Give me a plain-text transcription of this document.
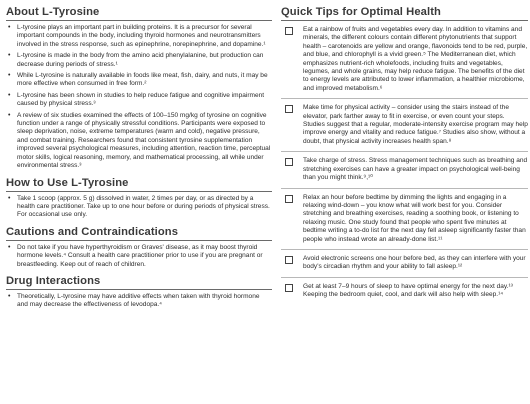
About L-Tyrosine
• L-tyrosine plays an important part in building proteins. It is a precursor for several important compounds in the body, including thyroid hormones and neurotransmitters involved in the stress response, such as epinephrine, norepinephrine, and dopamine.¹
• L-tyrosine is made in the body from the amino acid phenylalanine, but production can decrease during periods of stress.¹
• While L-tyrosine is naturally available in foods like meat, fish, dairy, and nuts, it may be more effective when consumed in free form.²
• L-tyrosine has been shown in studies to help reduce fatigue and cognitive impairment caused by physical stress.³
• A review of six studies examined the effects of 100–150 mg/kg of tyrosine on cognitive function under a range of physically stressful conditions. Participants were exposed to sleep deprivation, noise, extreme temperatures (warm and cold), negative pressure, and combat training. Researchers found that consistent tyrosine supplementation improved several psychological measures, including attention, reaction time, perceptual motor skills, logical reasoning, memory, and mathematical processing, all while under environmental stress.³
How to Use L-Tyrosine
• Take 1 scoop (approx. 5 g) dissolved in water, 2 times per day, or as directed by a health care practitioner. Take up to one hour before or during periods of physical stress. For occasional use only.
Cautions and Contraindications
• Do not take if you have hyperthyroidism or Graves' disease, as it may boost thyroid hormone levels.⁴ Consult a health care practitioner prior to use if you are pregnant or breastfeeding. Keep out of reach of children.
Drug Interactions
• Theoretically, L-tyrosine may have additive effects when taken with thyroid hormone and may decrease the effectiveness of levodopa.⁴
Quick Tips for Optimal Health
Eat a rainbow of fruits and vegetables every day. In addition to vitamins and minerals, the different colours contain different phytonutrients that support health – carotenoids are yellow and orange, flavonoids tend to be red, purple, and blue, and chlorophyll is a vivid green.⁵ The Mediterranean diet, which emphasizes nutrient-rich wholefoods, including fruits and vegetables, legumes, and whole grains, may help reduce fatigue. The benefits of the diet to energy levels are attributed to lower inflammation, a healthier microbiome, and improved metabolism.⁶
Make time for physical activity – consider using the stairs instead of the elevator, park farther away to fit in exercise, or even count your steps. Studies suggest that a regular, moderate-intensity exercise program may help improve energy and vitality and reduce fatigue.⁷ Studies also show, without a doubt, that physical activity increases health span.⁸
Take charge of stress. Stress management techniques such as breathing and stretching exercises can have a greater impact on psychological well-being than you might think.⁹,¹⁰
Relax an hour before bedtime by dimming the lights and engaging in a relaxing wind-down – you know what will work best for you. Consider stretching and breathing exercises, reading a soothing book, or listening to relaxing music. One study found that people who spent five minutes at bedtime writing a to-do list for the next day fell asleep significantly faster than people who instead wrote an already-done list.¹¹
Avoid electronic screens one hour before bed, as they can interfere with your body's circadian rhythm and your ability to fall asleep.¹²
Get at least 7–9 hours of sleep to have optimal energy for the next day.¹³ Keeping the bedroom quiet, cool, and dark will also help with sleep.¹⁴
